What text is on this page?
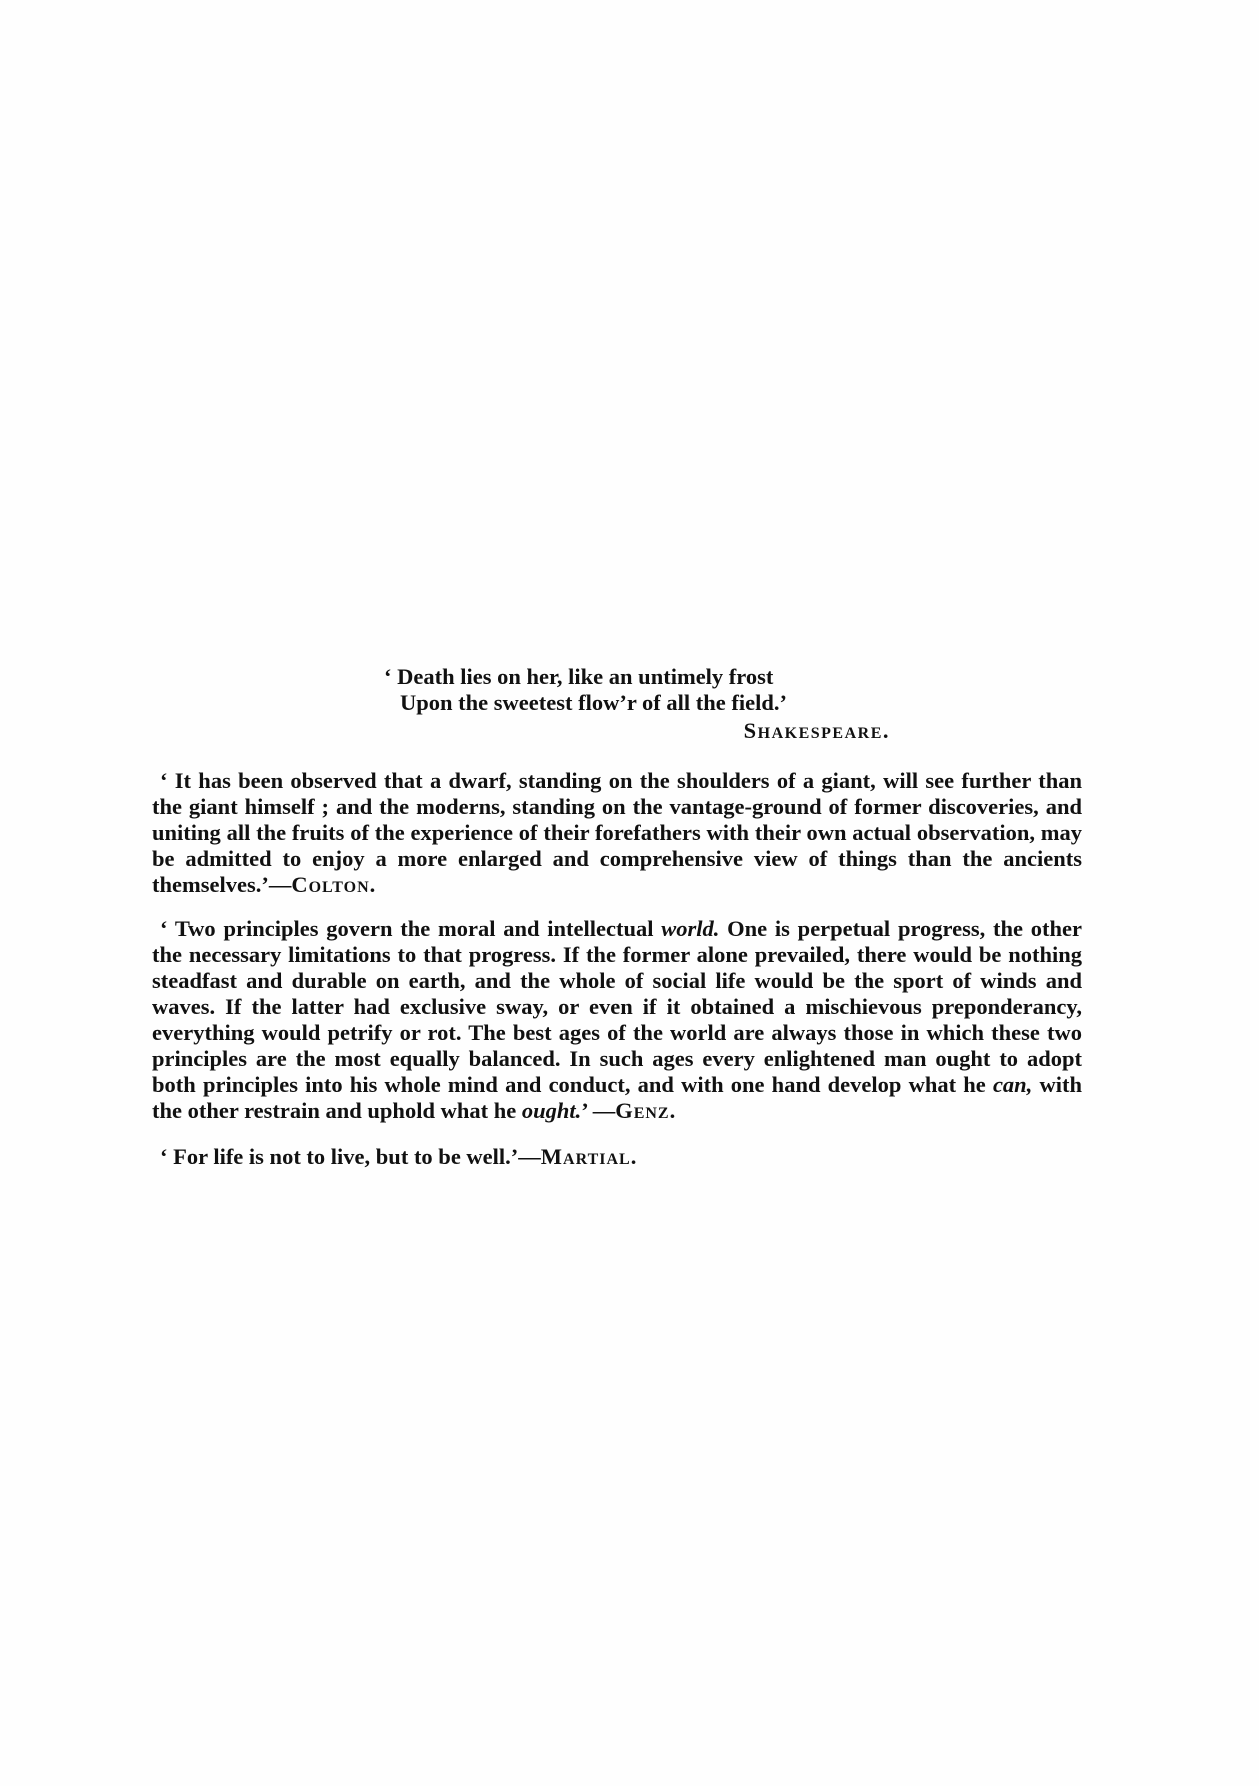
‘ Death lies on her, like an untimely frost
Upon the sweetest flow’r of all the field.’
Shakespeare.
‘ It has been observed that a dwarf, standing on the shoulders of a giant, will see further than the giant himself ; and the moderns, standing on the vantage-ground of former discoveries, and uniting all the fruits of the experience of their forefathers with their own actual observation, may be admitted to enjoy a more enlarged and comprehensive view of things than the ancients themselves.’—Colton.
‘ Two principles govern the moral and intellectual world. One is perpetual progress, the other the necessary limitations to that progress. If the former alone prevailed, there would be nothing steadfast and durable on earth, and the whole of social life would be the sport of winds and waves. If the latter had exclusive sway, or even if it obtained a mischievous preponderancy, everything would petrify or rot. The best ages of the world are always those in which these two principles are the most equally balanced. In such ages every enlightened man ought to adopt both principles into his whole mind and conduct, and with one hand develop what he can, with the other restrain and uphold what he ought.’ —Genz.
‘ For life is not to live, but to be well.’—Martial.
